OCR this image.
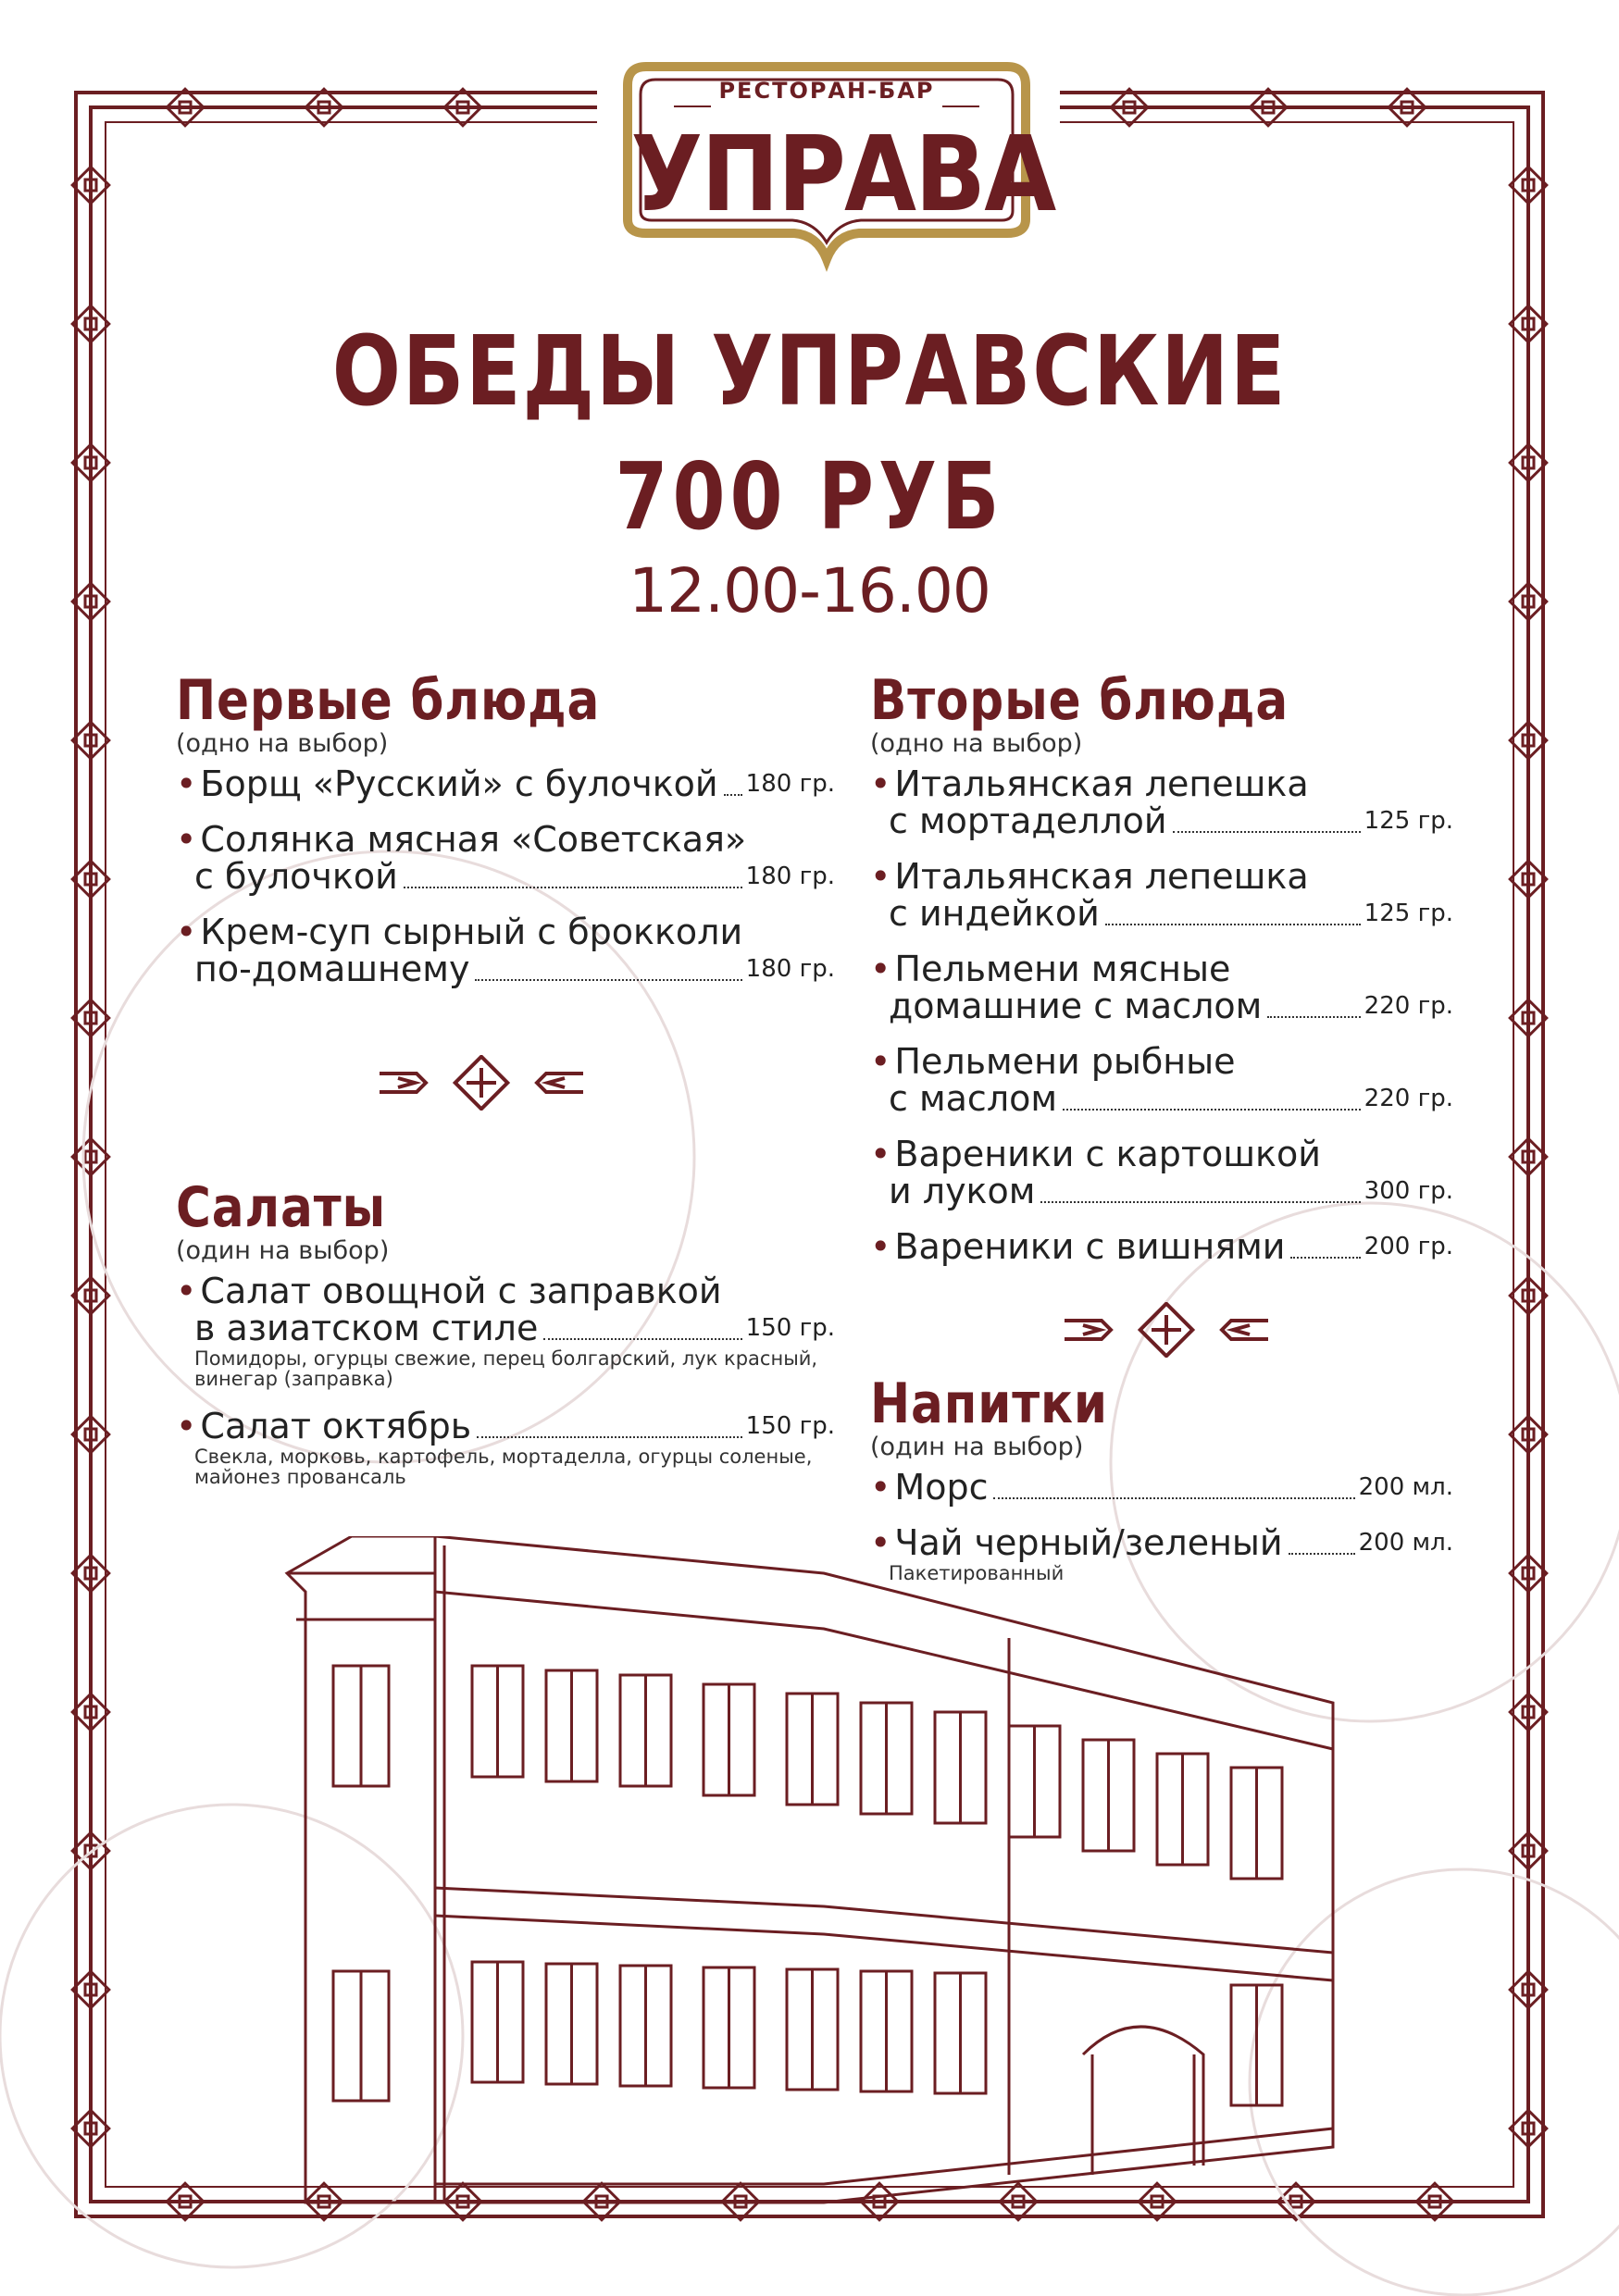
РЕСТОРАН-БАР
УПРАВА
ОБЕДЫ УПРАВСКИЕ
700 РУБ
12.00-16.00
Первые блюда
(одно на выбор)
• Борщ «Русский» с булочкой 180 гр.
• Солянка мясная «Советская»
с булочкой	180 гр.
• Крем-суп сырный с брокколи
по-домашнему	180 гр.
Салаты
(один на выбор)
• Салат овощной с заправкой
в азиатском стиле	150 гр.
Помидоры, огурцы свежие, перец болгарский, лук красный, винегар (заправка)
• Салат октябрь	150 гр.
Свекла, морковь, картофель, мортаделла, огурцы соленые, майонез провансаль
Вторые блюда
(одно на выбор)
• Итальянская лепешка
с мортаделлой	125 гр.
• Итальянская лепешка
с индейкой	125 гр.
• Пельмени мясные
домашние с маслом	220 гр.
• Пельмени рыбные
с маслом	220 гр.
• Вареники с картошкой
и луком	300 гр.
• Вареники с вишнями	200 гр.
Напитки
(один на выбор)
• Морс	200 мл.
• Чай черный/зеленый	200 мл.
Пакетированный
